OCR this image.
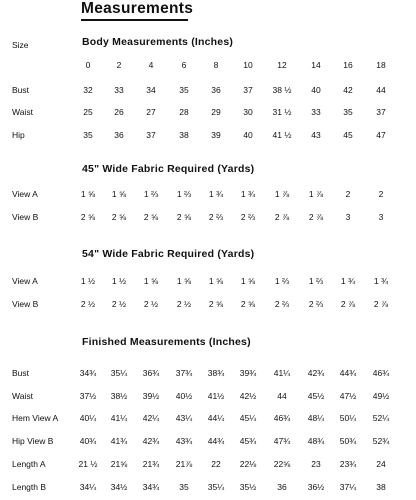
Measurements
Size	Body Measurements (Inches)
0	2	4	6	8	10	12	14	16	18
Bust	32	33	34	35	36	37	38 ½	40	42	44
Waist	25	26	27	28	29	30	31 ½	33	35	37
Hip	35	36	37	38	39	40	41 ½	43	45	47
45" Wide Fabric Required (Yards)
View A	1 ⅝	1 ⅝	1 ⅔	1 ⅔	1 ¾	1 ¾	1 ⅞	1 ⅞	2	2
View B	2 ⅝	2 ⅝	2 ⅝	2 ⅝	2 ⅔	2 ⅔	2 ⅞	2 ⅞	3	3
54" Wide Fabric Required (Yards)
View A	1 ½	1 ½	1 ⅝	1 ⅝	1 ⅝	1 ⅝	1 ⅔	1 ⅔	1 ¾	1 ¾
View B	2 ½	2 ½	2 ½	2 ½	2 ⅝	2 ⅝	2 ⅔	2 ⅔	2 ⅞	2 ⅞
Finished Measurements (Inches)
Bust	34¾	35¼	36¾	37¾	38¾	39¾	41¼	42¾	44¾	46¾
Waist	37½	38½	39½	40½	41½	42½	44	45½	47½	49½
Hem View A	40¼	41¼	42¼	43¼	44¼	45¼	46¾	48¼	50¼	52¼
Hip View B	40¾	41¾	42¾	43¾	44¾	45¾	47¾	48¾	50¾	52¾
Length A	21 ½	21⅝	21¾	21⅞	22	22⅛	22⅝	23	23¾	24
Length B	34¼	34½	34¾	35	35¼	35½	36	36½	37¼	38
